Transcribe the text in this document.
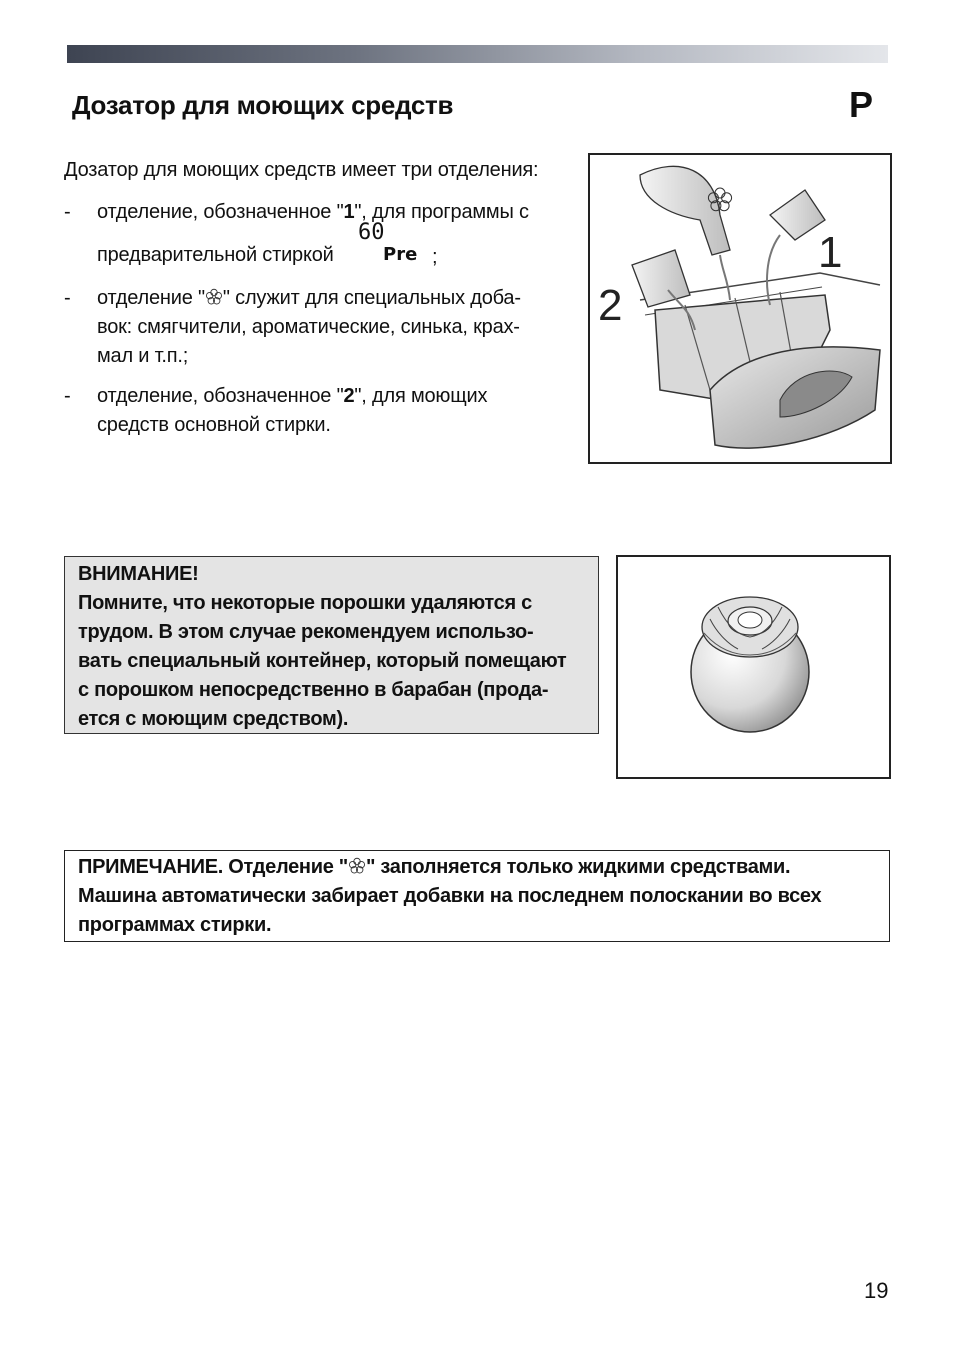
Дозатор для моющих средств	P
Дозатор для моющих средств имеет три отделения:
- отделение, обозначенное "1", для программы с
предварительной стиркой
60
Pre ;
- отделение " " служит для специальных доба-
вок: смягчители, ароматические, синька, крах-
мал и т.п.;
- отделение, обозначенное "2", для моющих
средств основной стирки.
1
2
ВНИМАНИЕ!
Помните, что некоторые порошки удаляются с
трудом. В этом случае рекомендуем использо-
вать специальный контейнер, который помещают
с порошком непосредственно в барабан (прода-
ется с моющим средством).
ПРИМЕЧАНИЕ. Отделение " " заполняется только жидкими средствами.
Машина автоматически забирает добавки на последнем полоскании во всех
программах стирки.
19
